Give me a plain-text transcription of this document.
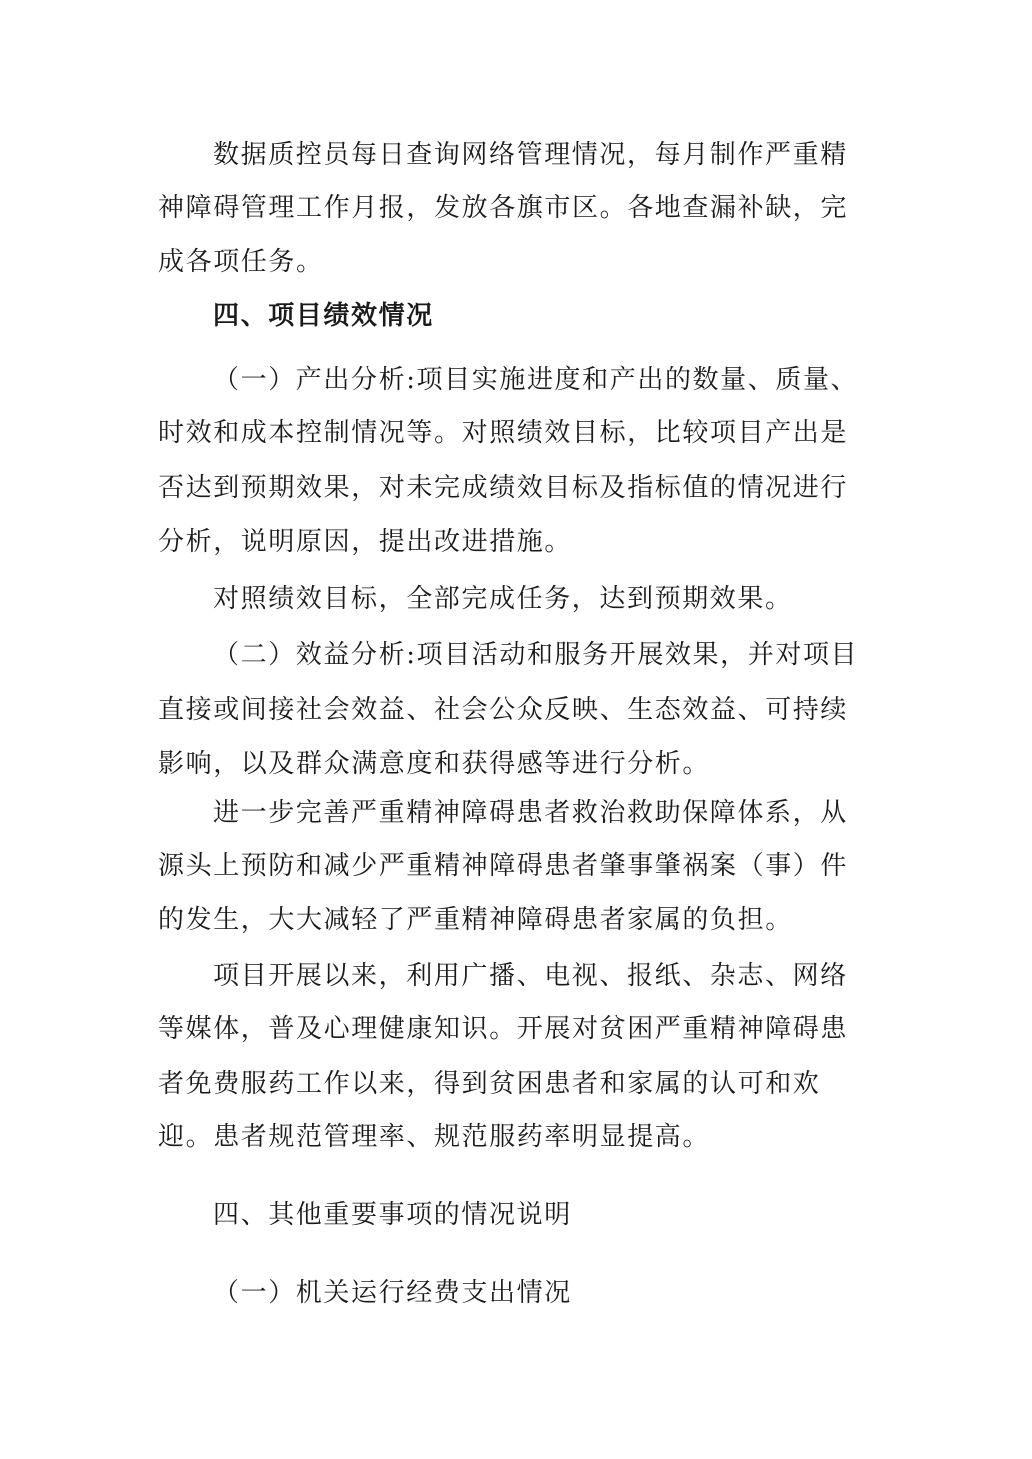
数据质控员每日查询网络管理情况，每月制作严重精
神障碍管理工作月报，发放各旗市区。各地查漏补缺，完
成各项任务。
四、项目绩效情况
（一）产出分析:项目实施进度和产出的数量、质量、
时效和成本控制情况等。对照绩效目标，比较项目产出是
否达到预期效果，对未完成绩效目标及指标值的情况进行
分析，说明原因，提出改进措施。
对照绩效目标，全部完成任务，达到预期效果。
（二）效益分析:项目活动和服务开展效果，并对项目
直接或间接社会效益、社会公众反映、生态效益、可持续
影响，以及群众满意度和获得感等进行分析。
进一步完善严重精神障碍患者救治救助保障体系，从
源头上预防和减少严重精神障碍患者肇事肇祸案（事）件
的发生，大大减轻了严重精神障碍患者家属的负担。
项目开展以来，利用广播、电视、报纸、杂志、网络
等媒体，普及心理健康知识。开展对贫困严重精神障碍患
者免费服药工作以来，得到贫困患者和家属的认可和欢
迎。患者规范管理率、规范服药率明显提高。
四、其他重要事项的情况说明
（一）机关运行经费支出情况
